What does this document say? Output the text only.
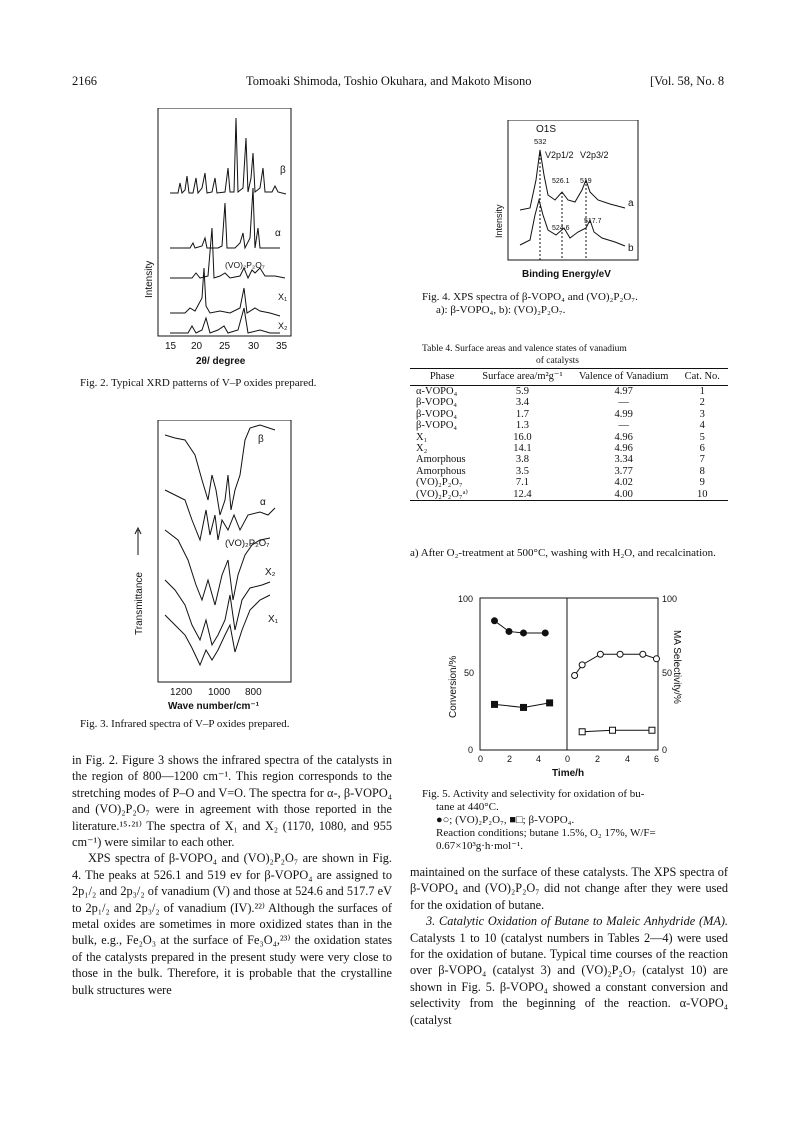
2166	Tomoaki Shimoda, Toshio Okuhara, and Makoto Misono	[Vol. 58, No. 8
β
α
(VO)₂P₂O₇
X₁
X₂
15 20 25 30 35
2θ/ degree
Intensity
Fig. 2. Typical XRD patterns of V–P oxides prepared.
β
α
(VO)₂P₂O₇
X₂
X₁
1200 1000 800
Wave number/cm⁻¹
Transmittance
Fig. 3. Infrared spectra of V–P oxides prepared.
O1S
532
V2p1/2 V2p3/2
526.1 519
524.6
517.7
a
b
Binding Energy/eV
Intensity
Fig. 4. XPS spectra of β-VOPO₄ and (VO)₂P₂O₇.
a): β-VOPO₄, b): (VO)₂P₂O₇.
Table 4. Surface areas and valence states of vanadium
of catalysts
Phase	Surface area/m²g⁻¹	Valence of Vanadium	Cat. No.
α-VOPO₄	5.9	4.97	1
β-VOPO₄	3.4	—	2
β-VOPO₄	1.7	4.99	3
β-VOPO₄	1.3	—	4
X₁	16.0	4.96	5
X₂	14.1	4.96	6
Amorphous	3.8	3.34	7
Amorphous	3.5	3.77	8
(VO)₂P₂O₇	7.1	4.02	9
(VO)₂P₂O₇ᵃ⁾	12.4	4.00	10
a) After O₂-treatment at 500°C, washing with H₂O, and recalcination.
0
50
100
0
50
100
0	2	4	0	2	4	6
Time/h
Conversion/%	MA Selectivity/%
Fig. 5. Activity and selectivity for oxidation of bu-
tane at 440°C.
●○; (VO)₂P₂O₇, ■□; β-VOPO₄.
Reaction conditions; butane 1.5%, O₂ 17%, W/F=
0.67×10³g·h·mol⁻¹.

in Fig. 2. Figure 3 shows the infrared spectra of the catalysts in the region of 800—1200 cm⁻¹. This region corresponds to the stretching modes of P–O and V=O. The spectra for α-, β-VOPO₄ and (VO)₂P₂O₇ were in agreement with those reported in the literature.¹⁵·²¹⁾ The spectra of X₁ and X₂ (1170, 1080, and 955 cm⁻¹) were similar to each other.

XPS spectra of β-VOPO₄ and (VO)₂P₂O₇ are shown in Fig. 4. The peaks at 526.1 and 519 ev for β-VOPO₄ are assigned to 2p₁/₂ and 2p₃/₂ of vanadium (V) and those at 524.6 and 517.7 eV to 2p₁/₂ and 2p₃/₂ of vanadium (IV).²²⁾ Although the surfaces of metal oxides are sometimes in more oxidized states than in the bulk, e.g., Fe₂O₃ at the surface of Fe₃O₄,²³⁾ the oxidation states of the catalysts prepared in the present study were very close to those in the bulk. Therefore, it is probable that the crystalline bulk structures were

maintained on the surface of these catalysts. The XPS spectra of β-VOPO₄ and (VO)₂P₂O₇ did not change after they were used for the oxidation of butane.

3. Catalytic Oxidation of Butane to Maleic Anhydride (MA). Catalysts 1 to 10 (catalyst numbers in Tables 2—4) were used for the oxidation of butane. Typical time courses of the reaction over β-VOPO₄ (catalyst 3) and (VO)₂P₂O₇ (catalyst 10) are shown in Fig. 5. β-VOPO₄ showed a constant conversion and selectivity from the beginning of the reaction. α-VOPO₄ (catalyst
